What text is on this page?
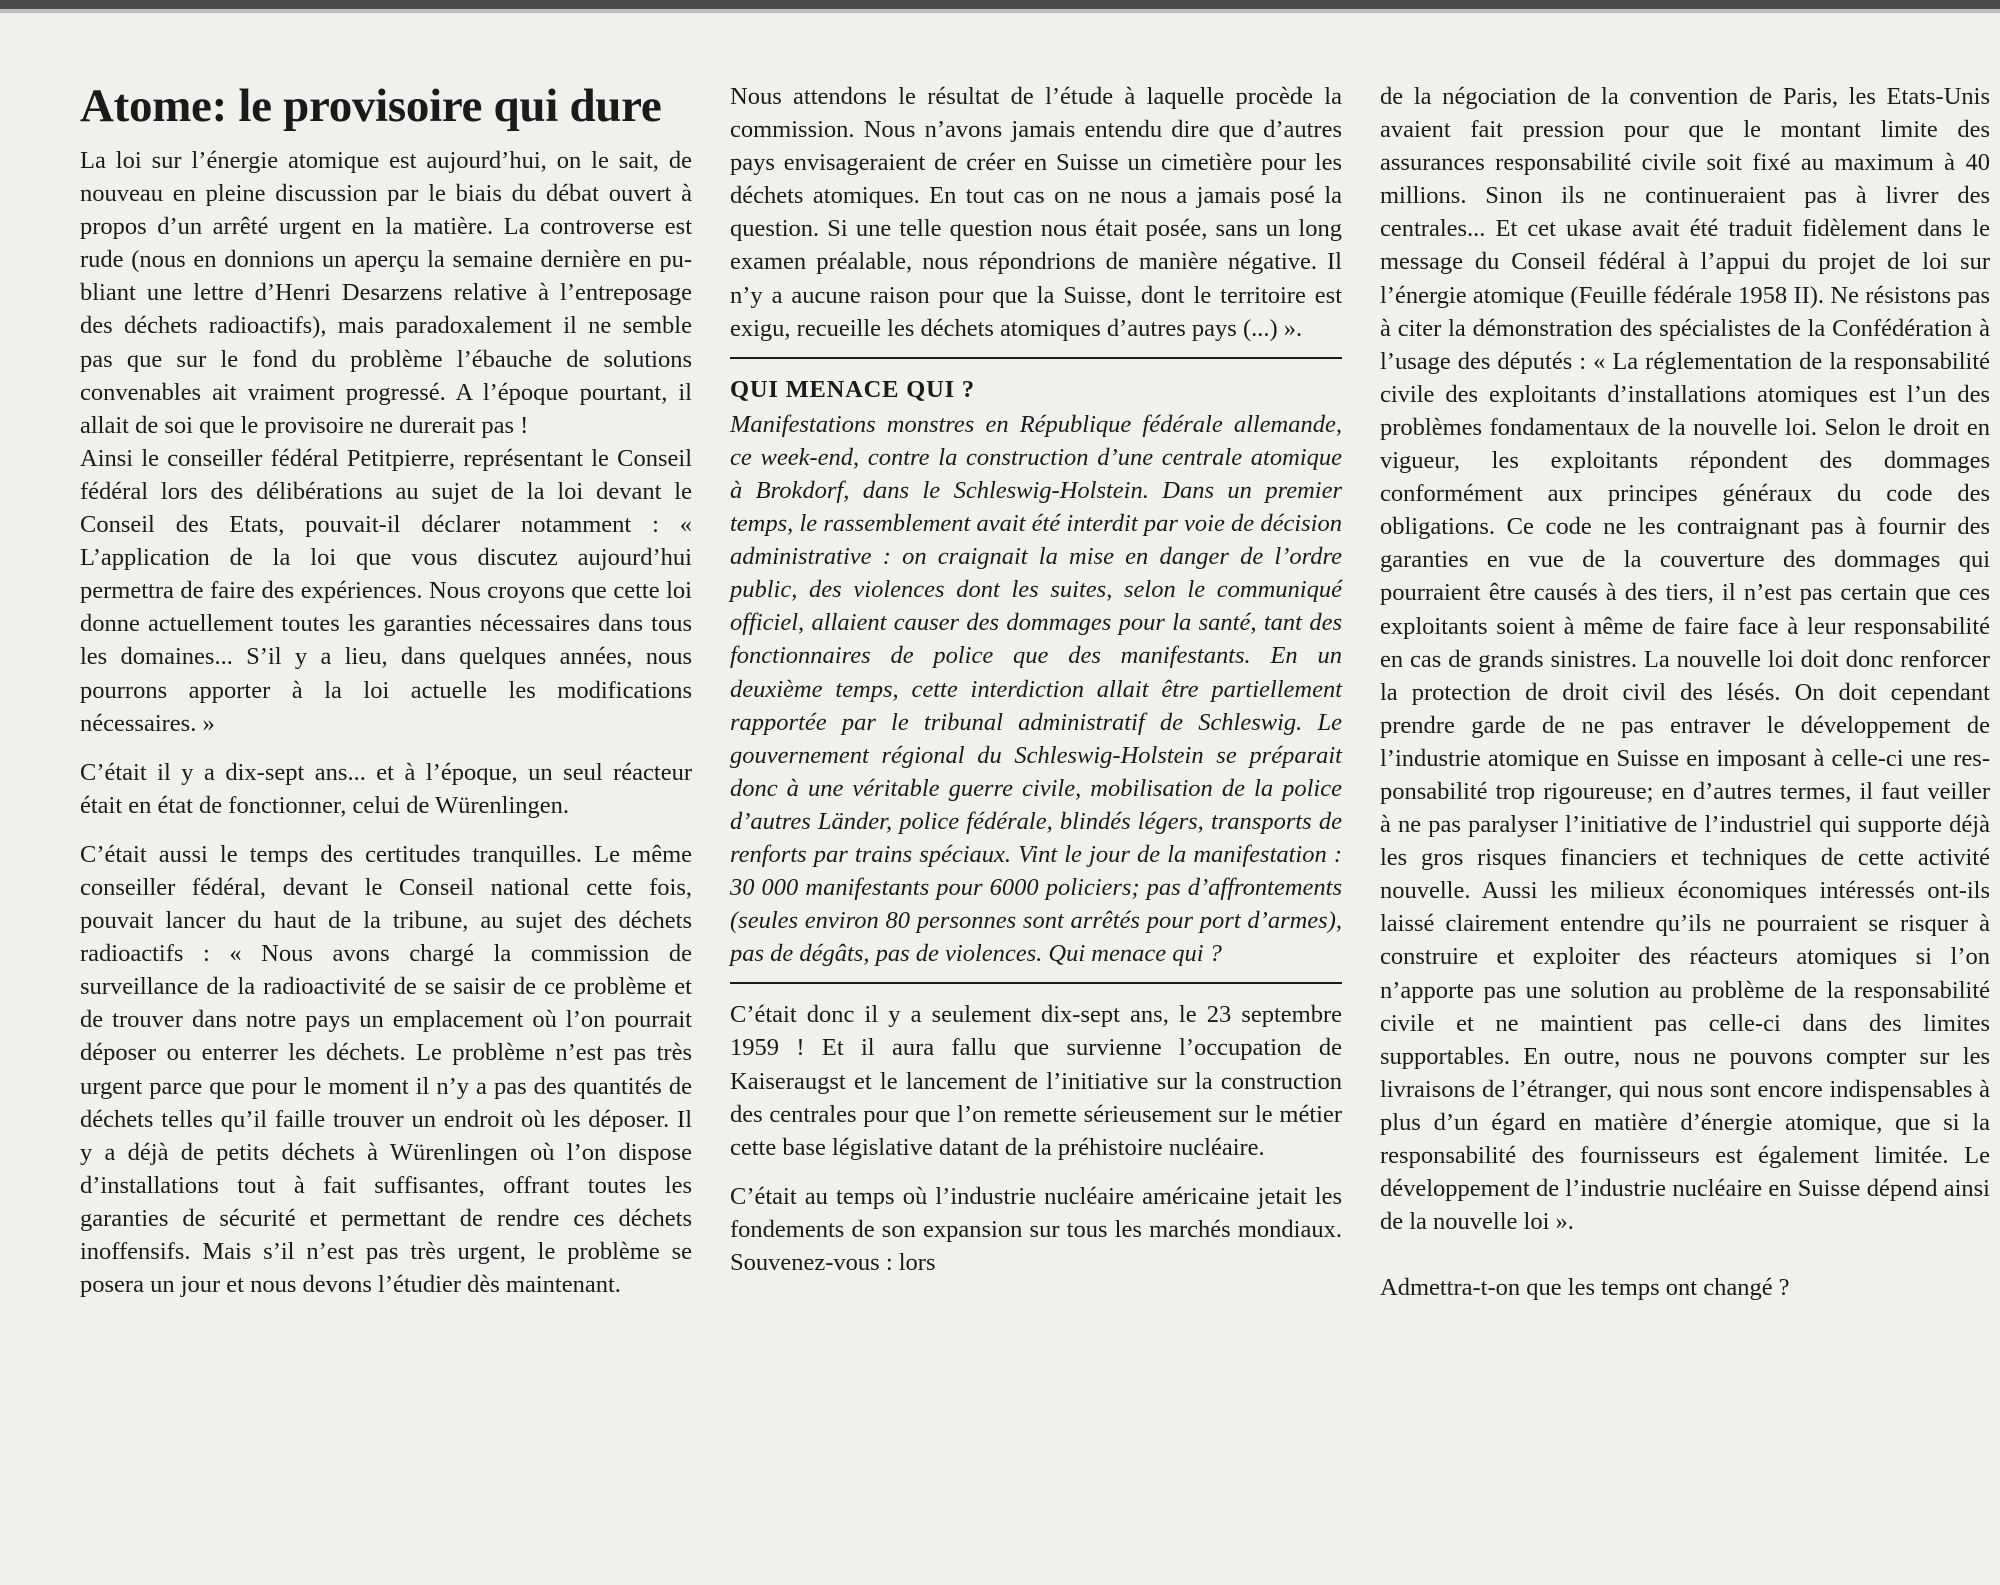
Atome: le provisoire qui dure

La loi sur l’énergie atomique est aujourd’hui, on le sait, de nouveau en pleine discussion par le biais du débat ouvert à propos d’un arrêté urgent en la matière. La controverse est rude (nous en donnions un aperçu la semaine dernière en publiant une lettre d’Henri Desarzens relative à l’entreposage des déchets radioactifs), mais paradoxalement il ne semble pas que sur le fond du problème l’ébauche de solutions convenables ait vraiment progressé. A l’époque pourtant, il allait de soi que le provisoire ne durerait pas !

Ainsi le conseiller fédéral Petitpierre, représentant le Conseil fédéral lors des délibérations au sujet de la loi devant le Conseil des Etats, pouvait-il déclarer notamment : « L’application de la loi que vous discutez aujourd’hui permettra de faire des expériences. Nous croyons que cette loi donne actuellement toutes les garanties nécessaires dans tous les domaines... S’il y a lieu, dans quelques années, nous pourrons apporter à la loi actuelle les modifications nécessaires. »

C’était il y a dix-sept ans... et à l’époque, un seul réacteur était en état de fonctionner, celui de Würenlingen.

C’était aussi le temps des certitudes tranquilles. Le même conseiller fédéral, devant le Conseil national cette fois, pouvait lancer du haut de la tribune, au sujet des déchets radioactifs : « Nous avons chargé la commission de surveillance de la radioactivité de se saisir de ce problème et de trouver dans notre pays un emplacement où l’on pourrait déposer ou enterrer les déchets. Le problème n’est pas très urgent parce que pour le moment il n’y a pas des quantités de déchets telles qu’il faille trouver un endroit où les déposer. Il y a déjà de petits déchets à Würenlingen où l’on dispose d’installations tout à fait suffisantes, offrant toutes les garanties de sécurité et permettant de rendre ces déchets inoffensifs. Mais s’il n’est pas très urgent, le problème se posera un jour et nous devons l’étudier dès maintenant.

Nous attendons le résultat de l’étude à laquelle procède la commission. Nous n’avons jamais entendu dire que d’autres pays envisageraient de créer en Suisse un cimetière pour les déchets atomiques. En tout cas on ne nous a jamais posé la question. Si une telle question nous était posée, sans un long examen préalable, nous répondrions de manière négative. Il n’y a aucune raison pour que la Suisse, dont le territoire est exigu, recueille les déchets atomiques d’autres pays (...) ».

QUI MENACE QUI ?

Manifestations monstres en République fédérale allemande, ce week-end, contre la construction d’une centrale atomique à Brokdorf, dans le Schleswig-Holstein. Dans un premier temps, le rassemblement avait été interdit par voie de décision administrative : on craignait la mise en danger de l’ordre public, des violences dont les suites, selon le communiqué officiel, allaient causer des dommages pour la santé, tant des fonctionnaires de police que des manifestants. En un deuxième temps, cette interdiction allait être partiellement rapportée par le tribunal administratif de Schleswig. Le gouvernement régional du Schleswig-Holstein se préparait donc à une véritable guerre civile, mobilisation de la police d’autres Länder, police fédérale, blindés légers, transports de renforts par trains spéciaux. Vint le jour de la manifestation : 30 000 manifestants pour 6000 policiers; pas d’affrontements (seules environ 80 personnes sont arrêtés pour port d’armes), pas de dégâts, pas de violences. Qui menace qui ?

C’était donc il y a seulement dix-sept ans, le 23 septembre 1959 ! Et il aura fallu que survienne l’occupation de Kaiseraugst et le lancement de l’initiative sur la construction des centrales pour que l’on remette sérieusement sur le métier cette base législative datant de la préhistoire nucléaire.

C’était au temps où l’industrie nucléaire américaine jetait les fondements de son expansion sur tous les marchés mondiaux. Souvenez-vous : lors

de la négociation de la convention de Paris, les Etats-Unis avaient fait pression pour que le montant limite des assurances responsabilité civile soit fixé au maximum à 40 millions. Sinon ils ne continueraient pas à livrer des centrales... Et cet ukase avait été traduit fidèlement dans le message du Conseil fédéral à l’appui du projet de loi sur l’énergie atomique (Feuille fédérale 1958 II). Ne résistons pas à citer la démonstration des spécialistes de la Confédération à l’usage des députés : « La réglementation de la responsabilité civile des exploitants d’installations atomiques est l’un des problèmes fondamentaux de la nouvelle loi. Selon le droit en vigueur, les exploitants répondent des dommages conformément aux principes généraux du code des obligations. Ce code ne les contraignant pas à fournir des garanties en vue de la couverture des dommages qui pourraient être causés à des tiers, il n’est pas certain que ces exploitants soient à même de faire face à leur responsabilité en cas de grands sinistres. La nouvelle loi doit donc renforcer la protection de droit civil des lésés. On doit cependant prendre garde de ne pas entraver le développement de l’industrie atomique en Suisse en imposant à celle-ci une responsabilité trop rigoureuse; en d’autres termes, il faut veiller à ne pas paralyser l’initiative de l’industriel qui supporte déjà les gros risques financiers et techniques de cette activité nouvelle. Aussi les milieux économiques intéressés ont-ils laissé clairement entendre qu’ils ne pourraient se risquer à construire et exploiter des réacteurs atomiques si l’on n’apporte pas une solution au problème de la responsabilité civile et ne maintient pas celle-ci dans des limites supportables. En outre, nous ne pouvons compter sur les livraisons de l’étranger, qui nous sont encore indispensables à plus d’un égard en matière d’énergie atomique, que si la responsabilité des fournisseurs est également limitée. Le développement de l’industrie nucléaire en Suisse dépend ainsi de la nouvelle loi ».

Admettra-t-on que les temps ont changé ?
